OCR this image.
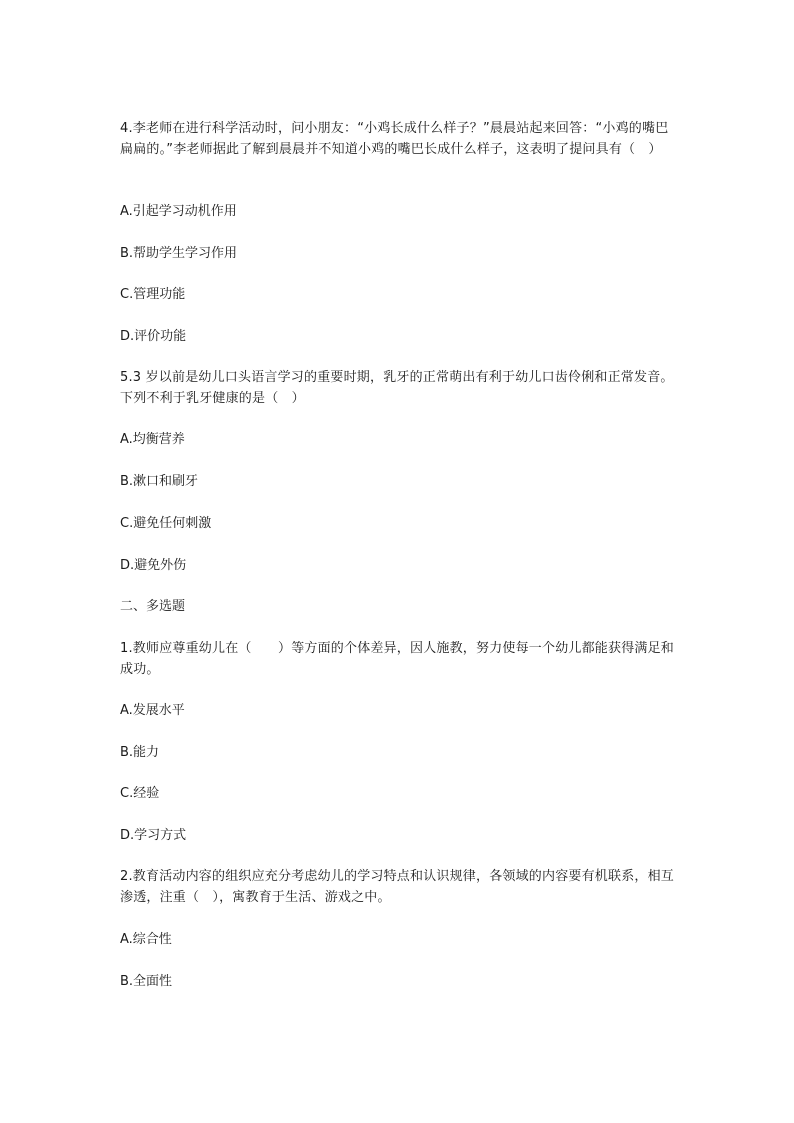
4.李老师在进行科学活动时，问小朋友：“小鸡长成什么样子？”晨晨站起来回答：“小鸡的嘴巴扁扁的。”李老师据此了解到晨晨并不知道小鸡的嘴巴长成什么样子，这表明了提问具有（　）
A.引起学习动机作用
B.帮助学生学习作用
C.管理功能
D.评价功能
5.3 岁以前是幼儿口头语言学习的重要时期，乳牙的正常萌出有利于幼儿口齿伶俐和正常发音。下列不利于乳牙健康的是（　）
A.均衡营养
B.漱口和刷牙
C.避免任何刺激
D.避免外伤
二、多选题
1.教师应尊重幼儿在（　　）等方面的个体差异，因人施教，努力使每一个幼儿都能获得满足和成功。
A.发展水平
B.能力
C.经验
D.学习方式
2.教育活动内容的组织应充分考虑幼儿的学习特点和认识规律，各领域的内容要有机联系，相互渗透，注重（　），寓教育于生活、游戏之中。
A.综合性
B.全面性
